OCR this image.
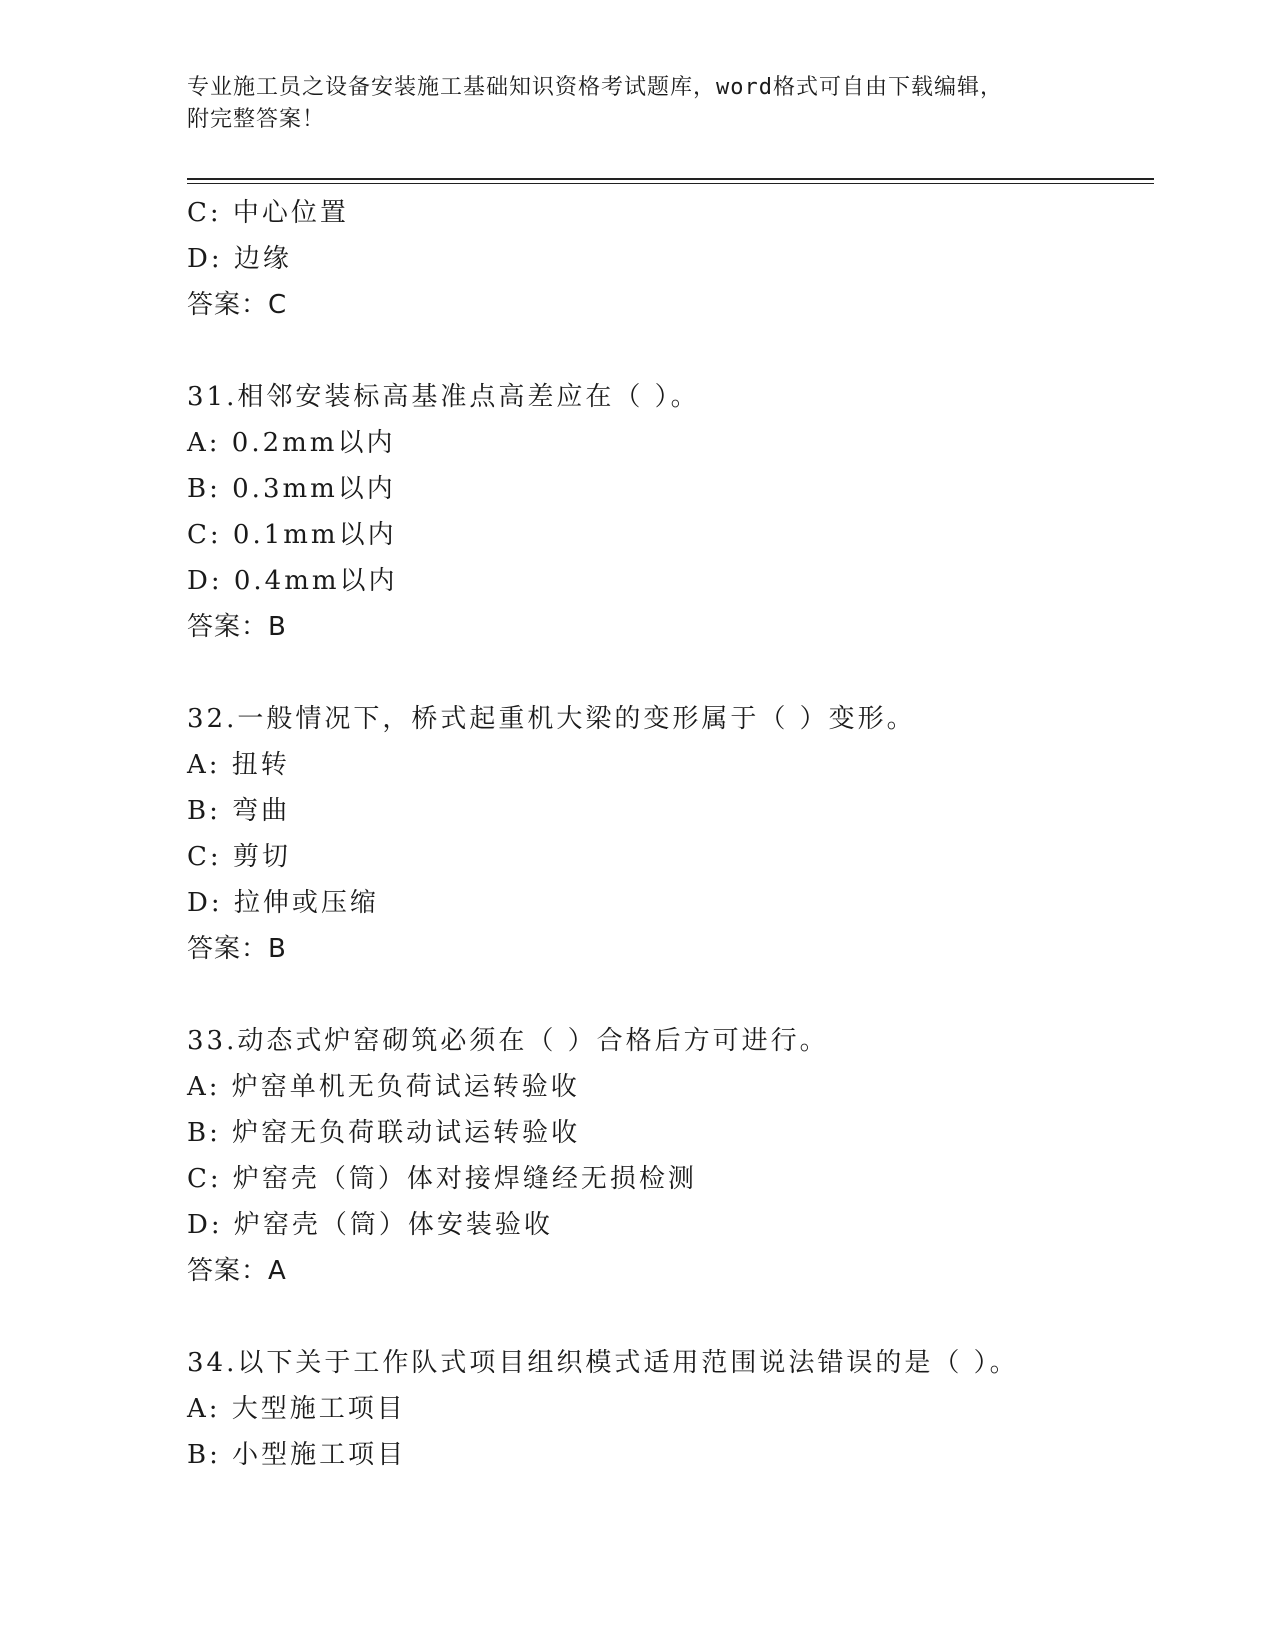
专业施工员之设备安装施工基础知识资格考试题库，word格式可自由下载编辑，
附完整答案！
C: 中心位置
D: 边缘
答案：C
31.相邻安装标高基准点高差应在（ ）。
A: 0.2mm以内
B: 0.3mm以内
C: 0.1mm以内
D: 0.4mm以内
答案：B
32.一般情况下，桥式起重机大梁的变形属于（ ）变形。
A: 扭转
B: 弯曲
C: 剪切
D: 拉伸或压缩
答案：B
33.动态式炉窑砌筑必须在（ ）合格后方可进行。
A: 炉窑单机无负荷试运转验收
B: 炉窑无负荷联动试运转验收
C: 炉窑壳（筒）体对接焊缝经无损检测
D: 炉窑壳（筒）体安装验收
答案：A
34.以下关于工作队式项目组织模式适用范围说法错误的是（ ）。
A: 大型施工项目
B: 小型施工项目
